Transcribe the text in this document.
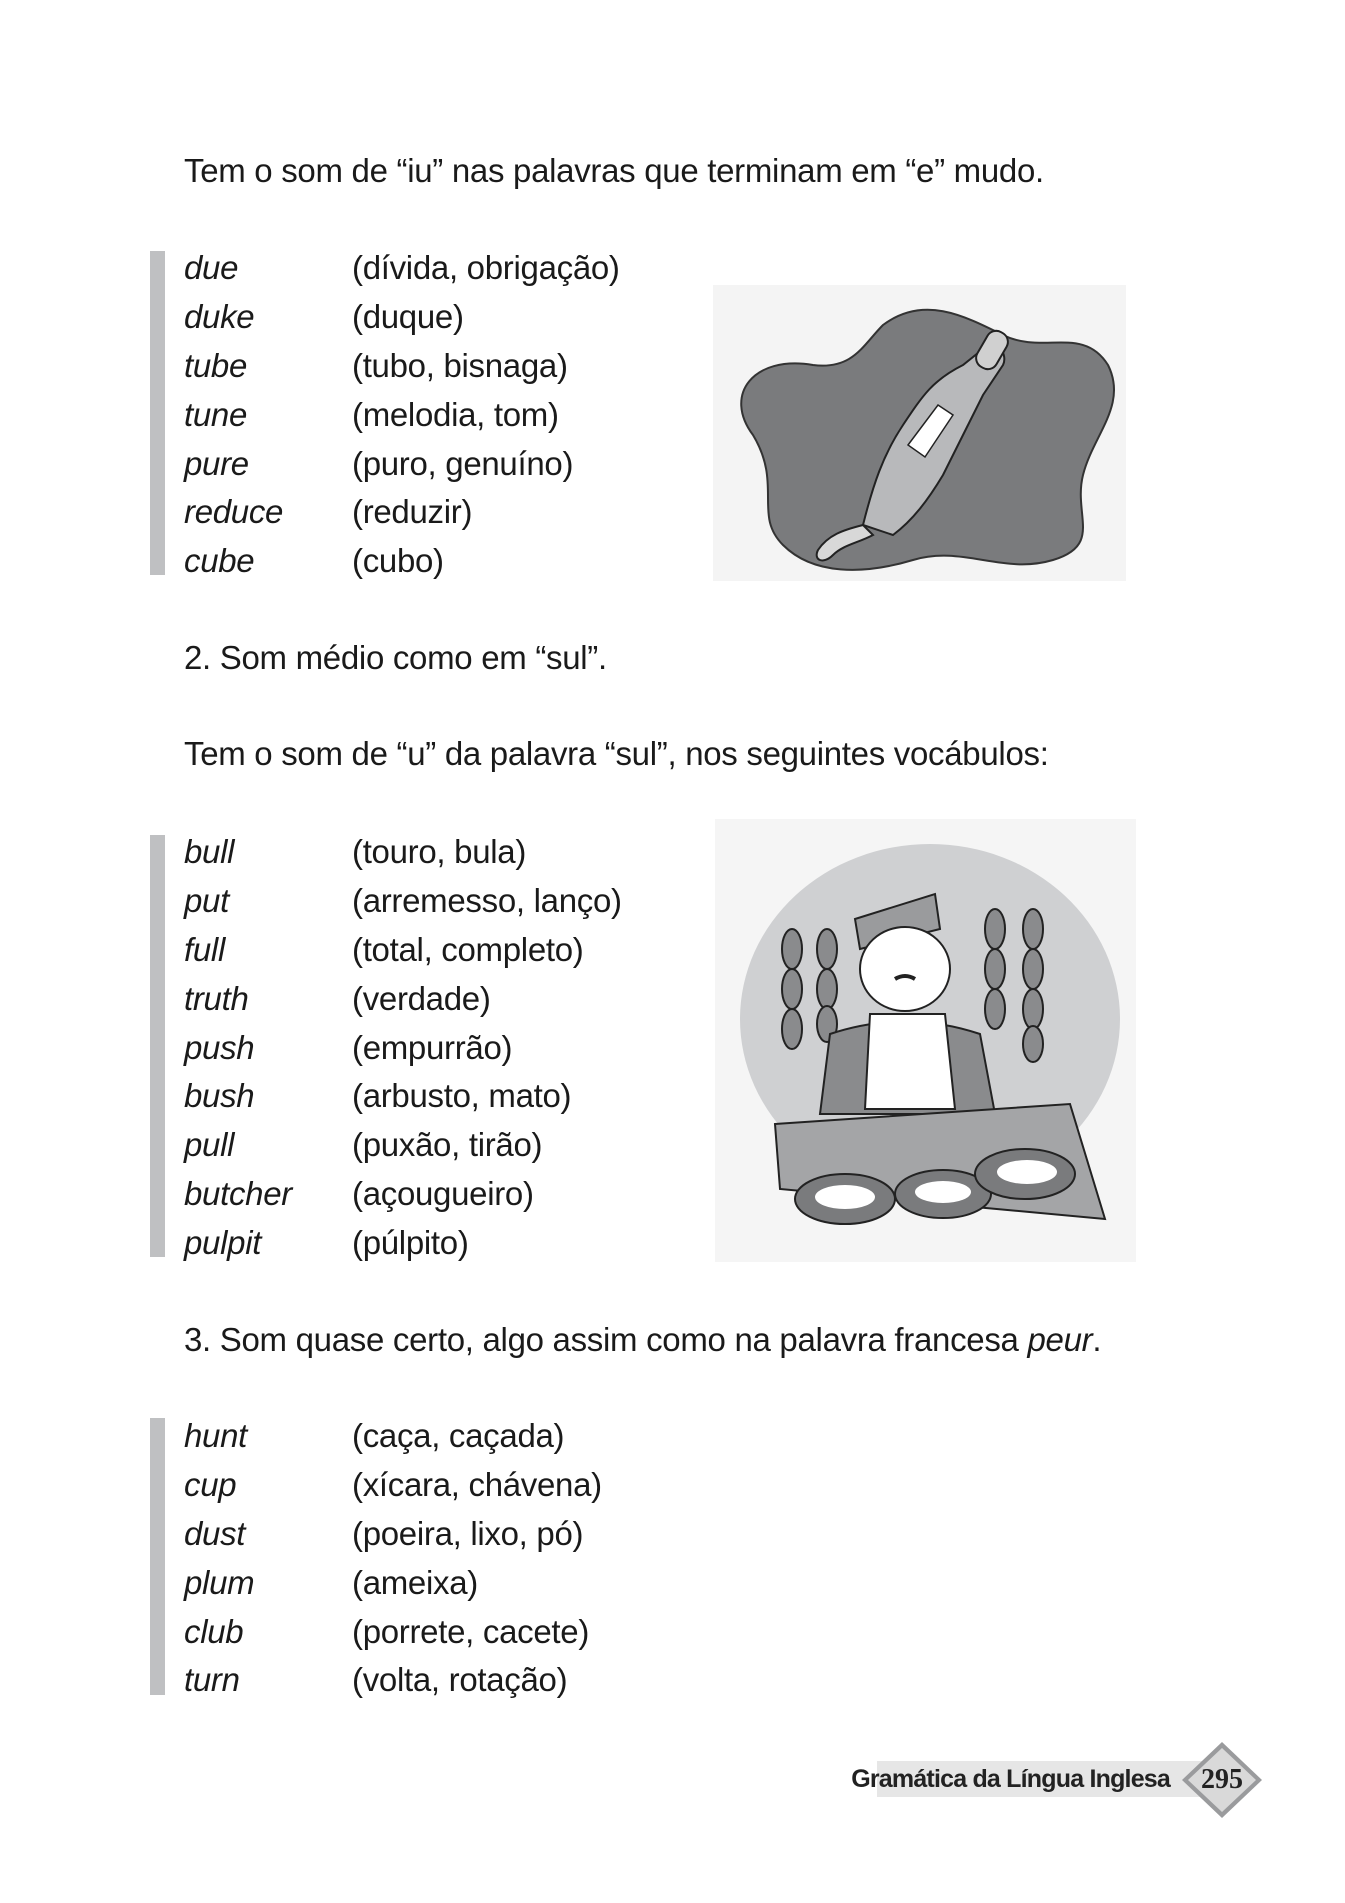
Tem o som de “iu” nas palavras que terminam em “e” mudo.
due	(dívida, obrigação)
duke	(duque)
tube	(tubo, bisnaga)
tune	(melodia, tom)
pure	(puro, genuíno)
reduce	(reduzir)
cube	(cubo)
2. Som médio como em “sul”.
Tem o som de “u” da palavra “sul”, nos seguintes vocábulos:
bull	(touro, bula)
put	(arremesso, lanço)
full	(total, completo)
truth	(verdade)
push	(empurrão)
bush	(arbusto, mato)
pull	(puxão, tirão)
butcher	(açougueiro)
pulpit	(púlpito)
3. Som quase certo, algo assim como na palavra francesa peur.
hunt	(caça, caçada)
cup	(xícara, chávena)
dust	(poeira, lixo, pó)
plum	(ameixa)
club	(porrete, cacete)
turn	(volta, rotação)
Gramática da Língua Inglesa	295
